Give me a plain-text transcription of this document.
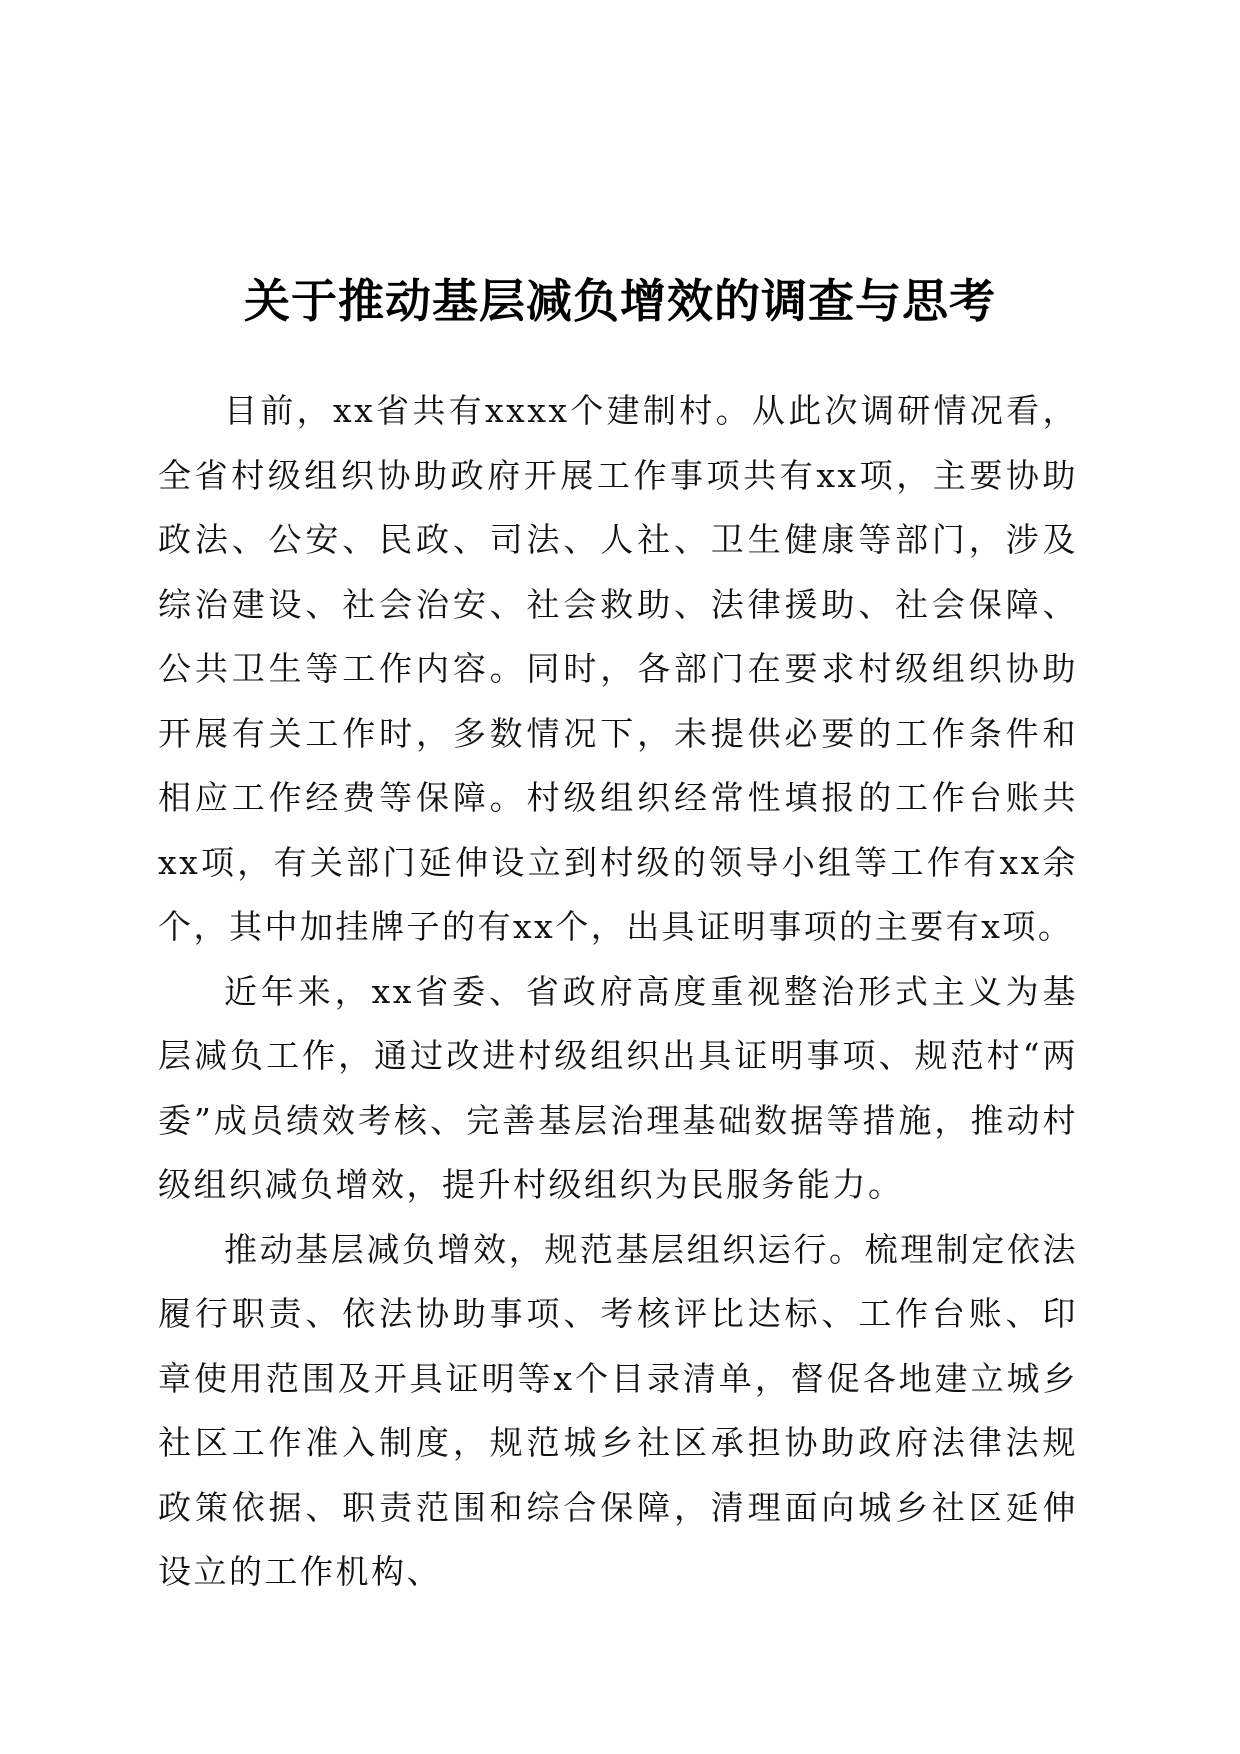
关于推动基层减负增效的调查与思考

目前，xx省共有xxxx个建制村。从此次调研情况看，全省村级组织协助政府开展工作事项共有xx项，主要协助政法、公安、民政、司法、人社、卫生健康等部门，涉及综治建设、社会治安、社会救助、法律援助、社会保障、公共卫生等工作内容。同时，各部门在要求村级组织协助开展有关工作时，多数情况下，未提供必要的工作条件和相应工作经费等保障。村级组织经常性填报的工作台账共xx项，有关部门延伸设立到村级的领导小组等工作有xx余个，其中加挂牌子的有xx个，出具证明事项的主要有x项。

近年来，xx省委、省政府高度重视整治形式主义为基层减负工作，通过改进村级组织出具证明事项、规范村“两委”成员绩效考核、完善基层治理基础数据等措施，推动村级组织减负增效，提升村级组织为民服务能力。

推动基层减负增效，规范基层组织运行。梳理制定依法履行职责、依法协助事项、考核评比达标、工作台账、印章使用范围及开具证明等x个目录清单，督促各地建立城乡社区工作准入制度，规范城乡社区承担协助政府法律法规政策依据、职责范围和综合保障，清理面向城乡社区延伸设立的工作机构、
